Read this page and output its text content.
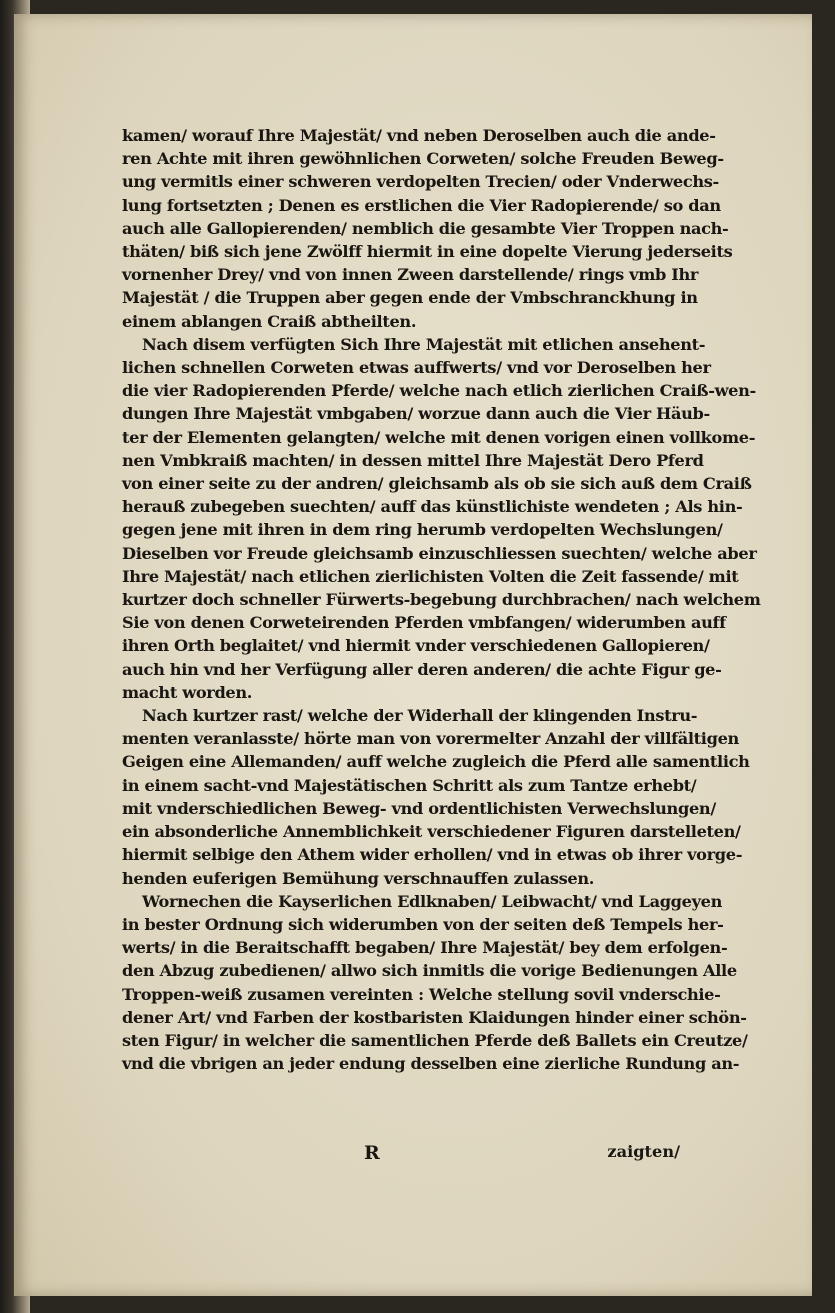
kamen/ worauf Ihre Majestät/ vnd neben Deroselben auch die ande‑
ren Achte mit ihren gewöhnlichen Corweten/ solche Freuden Beweg‑
ung vermitls einer schweren verdopelten Trecien/ oder Vnderwechs‑
lung fortsetzten ; Denen es erstlichen die Vier Radopierende/ so dan
auch alle Gallopierenden/ nemblich die gesambte Vier Troppen nach‑
thäten/ biß sich jene Zwölff hiermit in eine dopelte Vierung jederseits
vornenher Drey/ vnd von innen Zween darstellende/ rings vmb Ihr
Majestät / die Truppen aber gegen ende der Vmbschranckhung in
einem ablangen Craiß abtheilten.
Nach disem verfügten Sich Ihre Majestät mit etlichen ansehent‑
lichen schnellen Corweten etwas auffwerts/ vnd vor Deroselben her
die vier Radopierenden Pferde/ welche nach etlich zierlichen Craiß‑wen‑
dungen Ihre Majestät vmbgaben/ worzue dann auch die Vier Häub‑
ter der Elementen gelangten/ welche mit denen vorigen einen vollkome‑
nen Vmbkraiß machten/ in dessen mittel Ihre Majestät Dero Pferd
von einer seite zu der andren/ gleichsamb als ob sie sich auß dem Craiß
herauß zubegeben suechten/ auff das künstlichiste wendeten ; Als hin‑
gegen jene mit ihren in dem ring herumb verdopelten Wechslungen/
Dieselben vor Freude gleichsamb einzuschliessen suechten/ welche aber
Ihre Majestät/ nach etlichen zierlichisten Volten die Zeit fassende/ mit
kurtzer doch schneller Fürwerts‑begebung durchbrachen/ nach welchem
Sie von denen Corweteirenden Pferden vmbfangen/ widerumben auff
ihren Orth beglaitet/ vnd hiermit vnder verschiedenen Gallopieren/
auch hin vnd her Verfügung aller deren anderen/ die achte Figur ge‑
macht worden.
Nach kurtzer rast/ welche der Widerhall der klingenden Instru‑
menten veranlasste/ hörte man von vorermelter Anzahl der villfältigen
Geigen eine Allemanden/ auff welche zugleich die Pferd alle samentlich
in einem sacht‑vnd Majestätischen Schritt als zum Tantze erhebt/
mit vnderschiedlichen Beweg‑ vnd ordentlichisten Verwechslungen/
ein absonderliche Annemblichkeit verschiedener Figuren darstelleten/
hiermit selbige den Athem wider erhollen/ vnd in etwas ob ihrer vorge‑
henden euferigen Bemühung verschnauffen zulassen.
Wornechen die Kayserlichen Edlknaben/ Leibwacht/ vnd Laggeyen
in bester Ordnung sich widerumben von der seiten deß Tempels her‑
werts/ in die Beraitschafft begaben/ Ihre Majestät/ bey dem erfolgen‑
den Abzug zubedienen/ allwo sich inmitls die vorige Bedienungen Alle
Troppen‑weiß zusamen vereinten : Welche stellung sovil vnderschie‑
dener Art/ vnd Farben der kostbaristen Klaidungen hinder einer schön‑
sten Figur/ in welcher die samentlichen Pferde deß Ballets ein Creutze/
vnd die vbrigen an jeder endung desselben eine zierliche Rundung an‑
R	zaigten/
